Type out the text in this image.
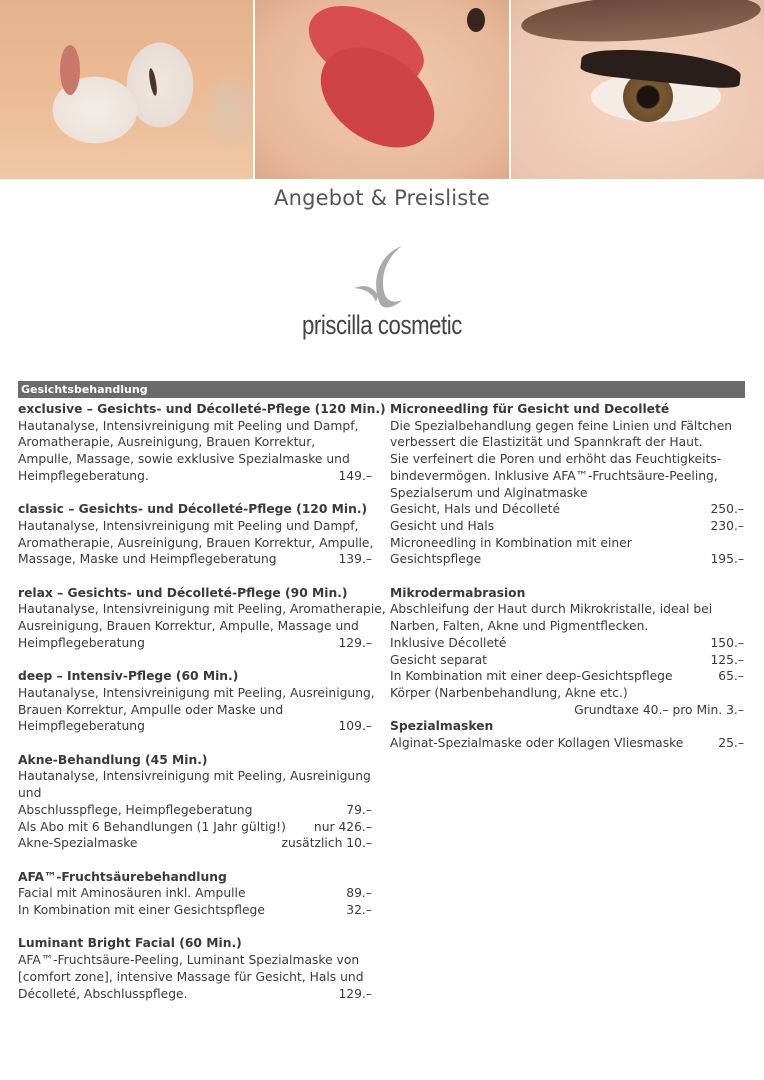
Angebot & Preisliste
priscilla cosmetic
Gesichtsbehandlung
exclusive – Gesichts- und Décolleté-Pflege (120 Min.)
Hautanalyse, Intensivreinigung mit Peeling und Dampf,
Aromatherapie, Ausreinigung, Brauen Korrektur,
Ampulle, Massage, sowie exklusive Spezialmaske und
Heimpflegeberatung.	149.–
classic – Gesichts- und Décolleté-Pflege (120 Min.)
Hautanalyse, Intensivreinigung mit Peeling und Dampf,
Aromatherapie, Ausreinigung, Brauen Korrektur, Ampulle,
Massage, Maske und Heimpflegeberatung	139.–
relax – Gesichts- und Décolleté-Pflege (90 Min.)
Hautanalyse, Intensivreinigung mit Peeling, Aromatherapie,
Ausreinigung, Brauen Korrektur, Ampulle, Massage und
Heimpflegeberatung	129.–
deep – Intensiv-Pflege (60 Min.)
Hautanalyse, Intensivreinigung mit Peeling, Ausreinigung,
Brauen Korrektur, Ampulle oder Maske und
Heimpflegeberatung	109.–
Akne-Behandlung (45 Min.)
Hautanalyse, Intensivreinigung mit Peeling, Ausreinigung
und
Abschlusspflege, Heimpflegeberatung	79.–
Als Abo mit 6 Behandlungen (1 Jahr gültig!) nur 426.–
Akne-Spezialmaske	zusätzlich 10.–
AFA™-Fruchtsäurebehandlung
Facial mit Aminosäuren inkl. Ampulle	89.–
In Kombination mit einer Gesichtspflege	32.–
Luminant Bright Facial (60 Min.)
AFA™-Fruchtsäure-Peeling, Luminant Spezialmaske von
[comfort zone], intensive Massage für Gesicht, Hals und
Décolleté, Abschlusspflege.	129.–
Microneedling für Gesicht und Decolleté
Die Spezialbehandlung gegen feine Linien und Fältchen
verbessert die Elastizität und Spannkraft der Haut.
Sie verfeinert die Poren und erhöht das Feuchtigkeits-
bindevermögen. Inklusive AFA™-Fruchtsäure-Peeling,
Spezialserum und Alginatmaske
Gesicht, Hals und Décolleté	250.–
Gesicht und Hals	230.–
Microneedling in Kombination mit einer
Gesichtspflege	195.–
Mikrodermabrasion
Abschleifung der Haut durch Mikrokristalle, ideal bei
Narben, Falten, Akne und Pigmentflecken.
Inklusive Décolleté	150.–
Gesicht separat	125.–
In Kombination mit einer deep-Gesichtspflege	65.–
Körper (Narbenbehandlung, Akne etc.)
Grundtaxe 40.– pro Min. 3.–
Spezialmasken
Alginat-Spezialmaske oder Kollagen Vliesmaske	25.–
